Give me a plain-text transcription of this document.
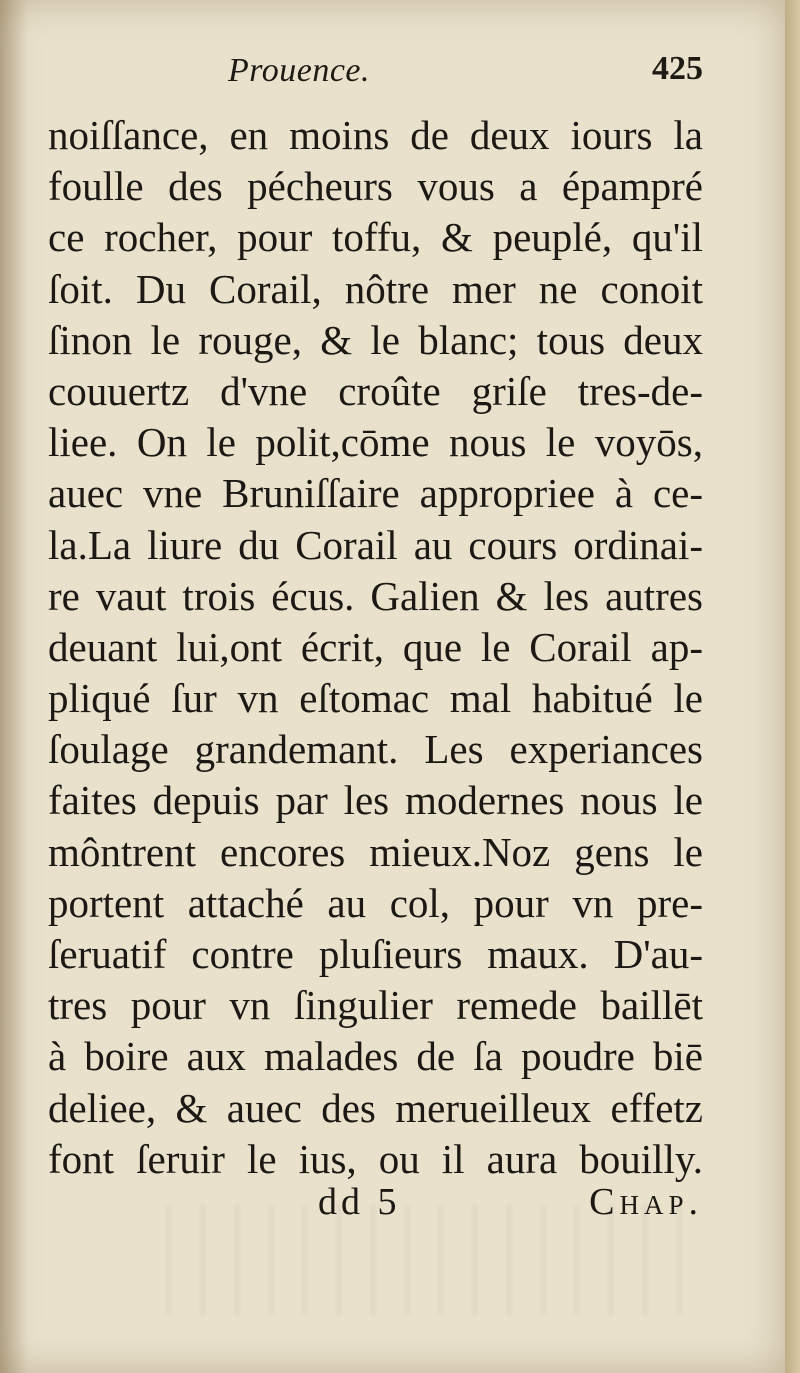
Prouence.	425
noiſſance, en moins de deux iours la
foulle des pécheurs vous a épampré
ce rocher, pour toffu, & peuplé, qu'il
ſoit. Du Corail, nôtre mer ne conoit
ſinon le rouge, & le blanc; tous deux
couuertz d'vne croûte griſe tres-de-
liee. On le polit,cōme nous le voyōs,
auec vne Bruniſſaire appropriee à ce-
la.La liure du Corail au cours ordinai-
re vaut trois écus. Galien & les autres
deuant lui,ont écrit, que le Corail ap-
pliqué ſur vn eſtomac mal habitué le
ſoulage grandemant. Les experiances
faites depuis par les modernes nous le
môntrent encores mieux.Noz gens le
portent attaché au col, pour vn pre-
ſeruatif contre pluſieurs maux. D'au-
tres pour vn ſingulier remede baillēt
à boire aux malades de ſa poudre biē
deliee, & auec des merueilleux effetz
font ſeruir le ius, ou il aura bouilly.
dd 5	Chap.
